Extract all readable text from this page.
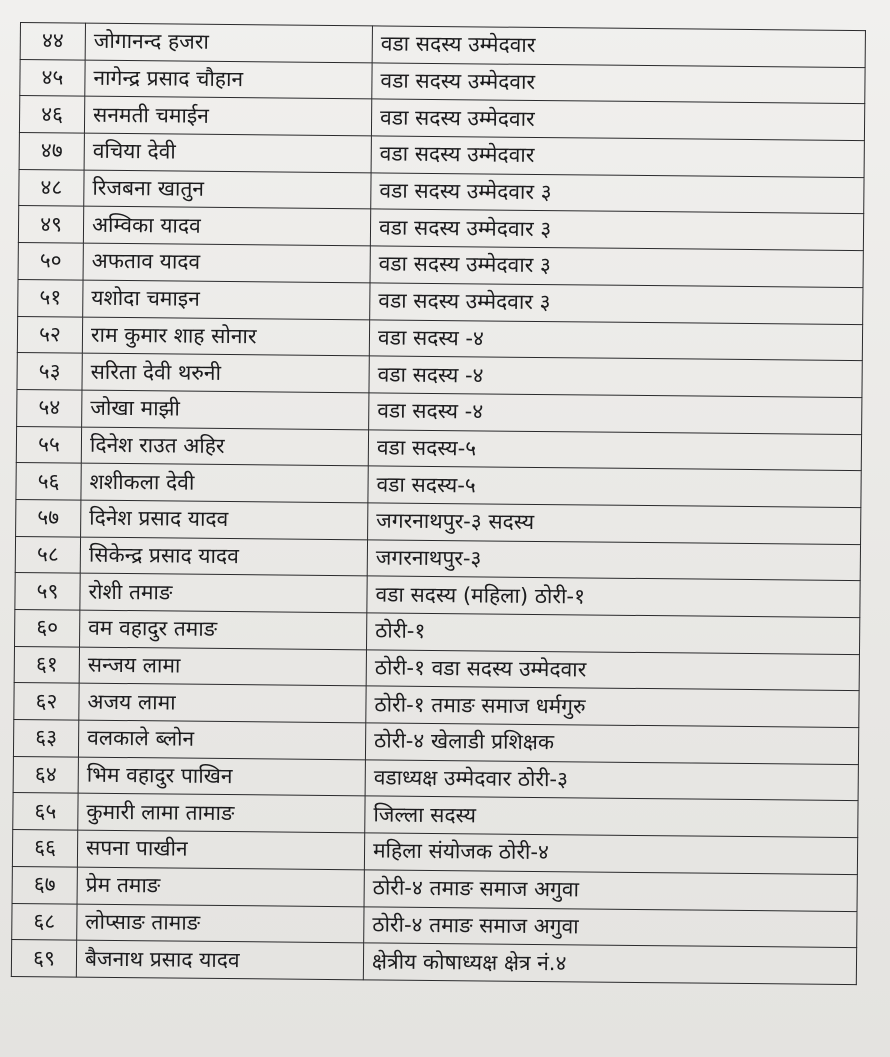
४४	जोगानन्द हजरा	वडा सदस्य उम्मेदवार
४५	नागेन्द्र प्रसाद चौहान	वडा सदस्य उम्मेदवार
४६	सनमती चमाईन	वडा सदस्य उम्मेदवार
४७	वचिया देवी	वडा सदस्य उम्मेदवार
४८	रिजबना खातुन	वडा सदस्य उम्मेदवार ३
४९	अम्विका यादव	वडा सदस्य उम्मेदवार ३
५०	अफताव यादव	वडा सदस्य उम्मेदवार ३
५१	यशोदा चमाइन	वडा सदस्य उम्मेदवार ३
५२	राम कुमार शाह सोनार	वडा सदस्य -४
५३	सरिता देवी थरुनी	वडा सदस्य -४
५४	जोखा माझी	वडा सदस्य -४
५५	दिनेश राउत अहिर	वडा सदस्य-५
५६	शशीकला देवी	वडा सदस्य-५
५७	दिनेश प्रसाद यादव	जगरनाथपुर-३ सदस्य
५८	सिकेन्द्र प्रसाद यादव	जगरनाथपुर-३
५९	रोशी तमाङ	वडा सदस्य (महिला) ठोरी-१
६०	वम वहादुर तमाङ	ठोरी-१
६१	सन्जय लामा	ठोरी-१ वडा सदस्य उम्मेदवार
६२	अजय लामा	ठोरी-१ तमाङ समाज धर्मगुरु
६३	वलकाले ब्लोन	ठोरी-४ खेलाडी प्रशिक्षक
६४	भिम वहादुर पाखिन	वडाध्यक्ष उम्मेदवार ठोरी-३
६५	कुमारी लामा तामाङ	जिल्ला सदस्य
६६	सपना पाखीन	महिला संयोजक ठोरी-४
६७	प्रेम तमाङ	ठोरी-४ तमाङ समाज अगुवा
६८	लोप्साङ तामाङ	ठोरी-४ तमाङ समाज अगुवा
६९	बैजनाथ प्रसाद यादव	क्षेत्रीय कोषाध्यक्ष क्षेत्र नं.४
